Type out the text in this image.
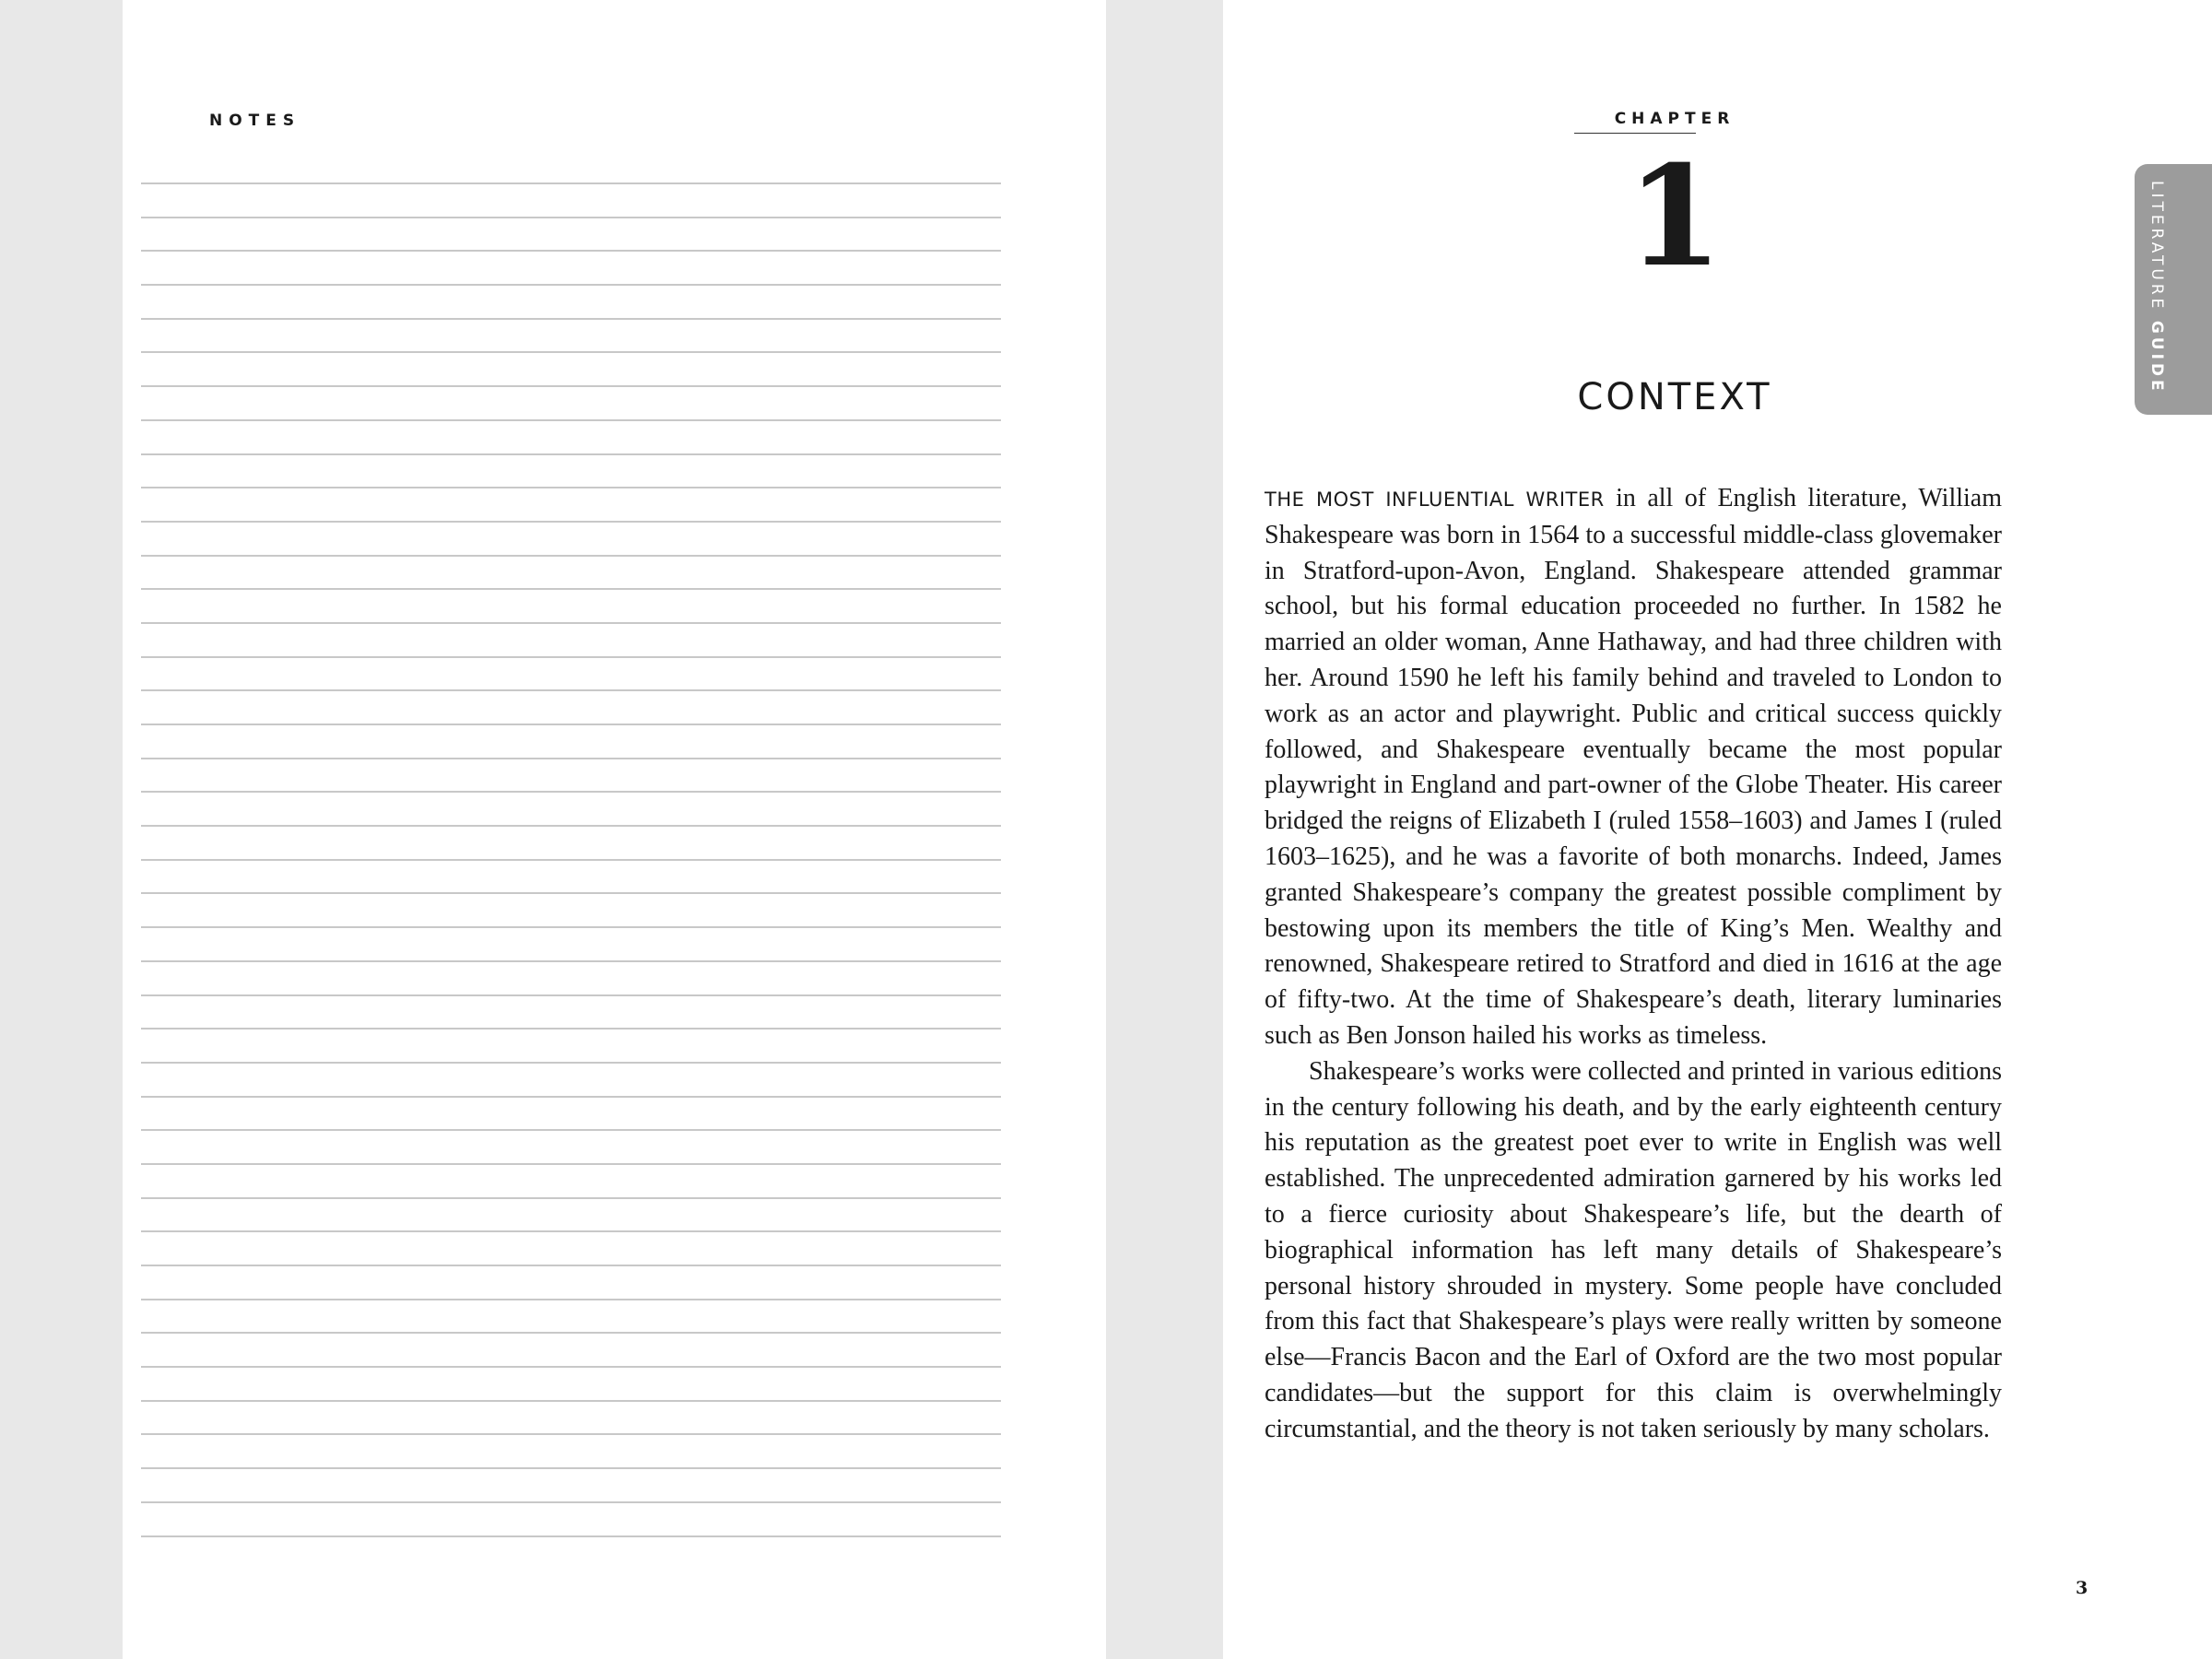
NOTES	CHAPTER
1
CONTEXT

THE MOST INFLUENTIAL WRITER in all of English literature, William Shakespeare was born in 1564 to a successful middle-class glovemaker in Stratford-upon-Avon, England. Shakespeare attended grammar school, but his formal education proceeded no further. In 1582 he married an older woman, Anne Hathaway, and had three children with her. Around 1590 he left his family behind and traveled to London to work as an actor and playwright. Public and critical success quickly followed, and Shakespeare eventually became the most popular playwright in England and part-owner of the Globe Theater. His career bridged the reigns of Elizabeth I (ruled 1558–1603) and James I (ruled 1603–1625), and he was a favorite of both monarchs. Indeed, James granted Shakespeare’s company the greatest possible compliment by bestowing upon its members the title of King’s Men. Wealthy and renowned, Shakespeare retired to Stratford and died in 1616 at the age of fifty-two. At the time of Shakespeare’s death, literary luminaries such as Ben Jonson hailed his works as timeless.

Shakespeare’s works were collected and printed in various editions in the century following his death, and by the early eighteenth century his reputation as the greatest poet ever to write in English was well established. The unprecedented admiration garnered by his works led to a fierce curiosity about Shakespeare’s life, but the dearth of biographical information has left many details of Shakespeare’s personal history shrouded in mystery. Some people have concluded from this fact that Shakespeare’s plays were really written by someone else—Francis Bacon and the Earl of Oxford are the two most popular candidates—but the support for this claim is overwhelmingly circumstantial, and the theory is not taken seriously by many scholars.

3
LITERATURE GUIDE
